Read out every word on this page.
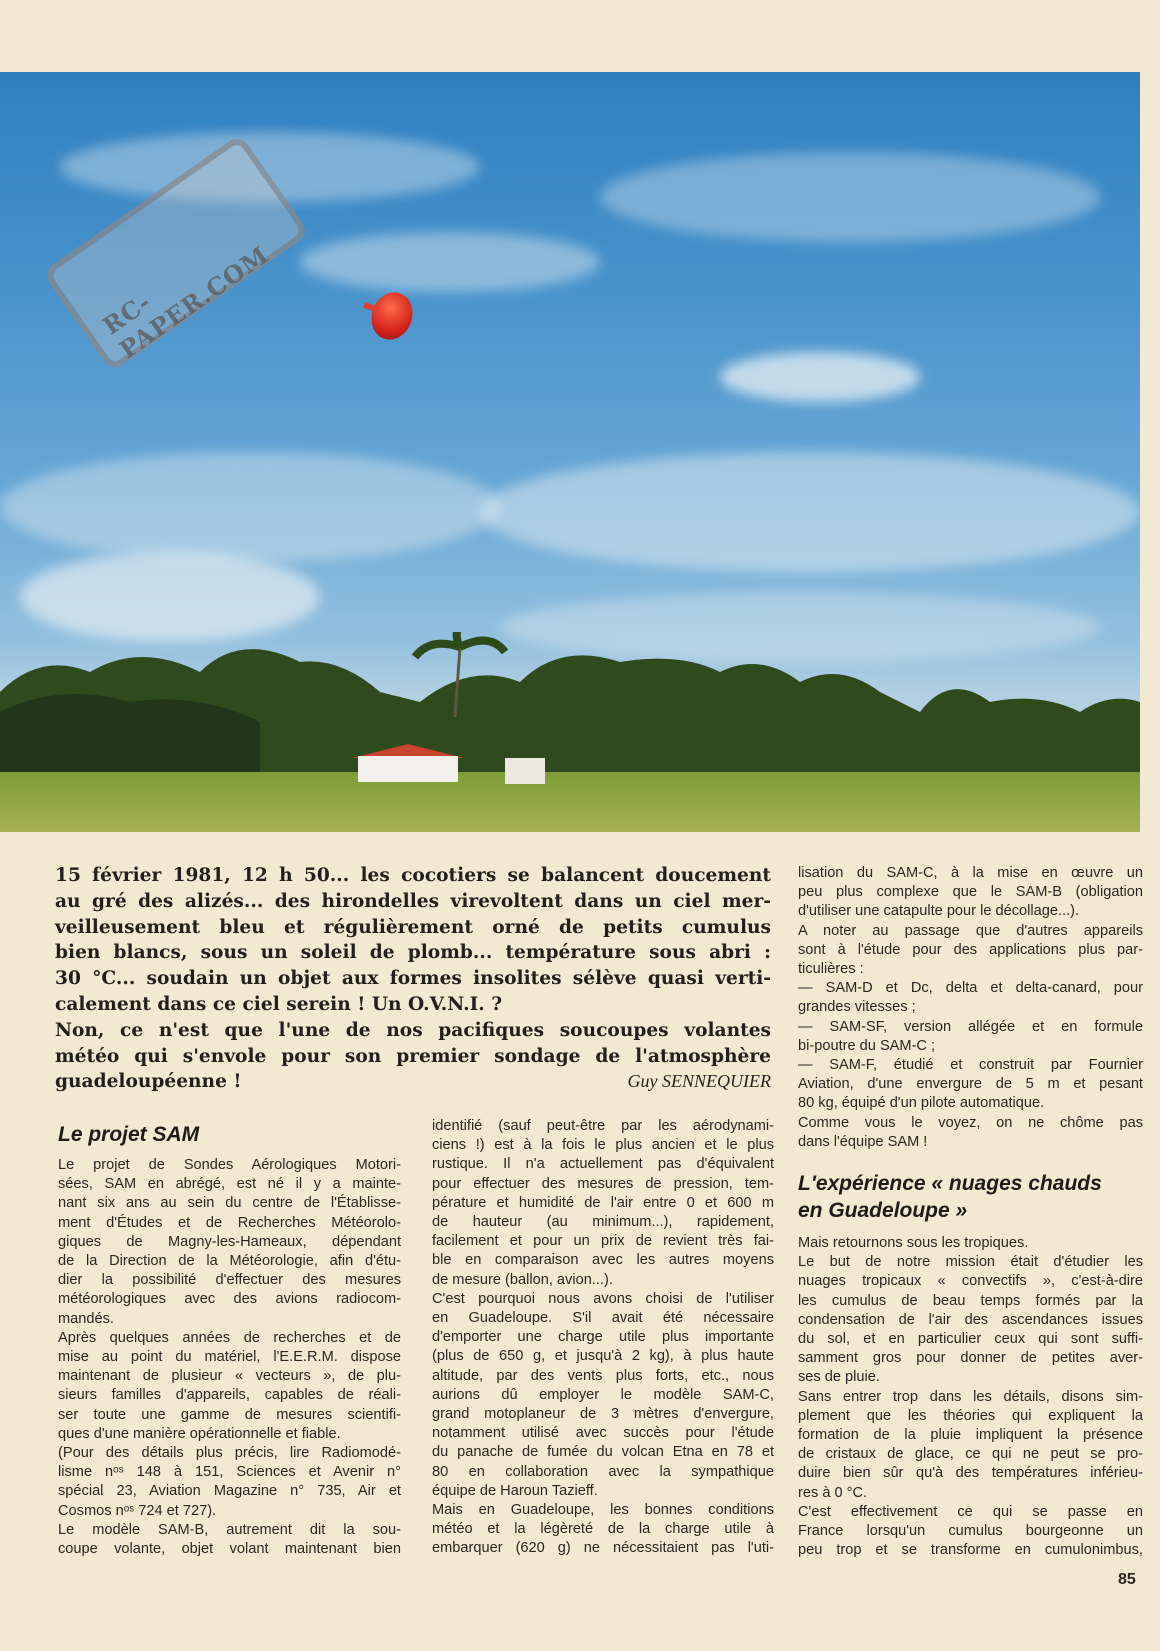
RC-PAPER.COM
15 février 1981, 12 h 50... les cocotiers se balancent doucement
au gré des alizés... des hirondelles virevoltent dans un ciel mer-
veilleusement bleu et régulièrement orné de petits cumulus
bien blancs, sous un soleil de plomb... température sous abri :
30 °C... soudain un objet aux formes insolites sélève quasi verti-
calement dans ce ciel serein ! Un O.V.N.I. ?
Non, ce n'est que l'une de nos pacifiques soucoupes volantes
météo qui s'envole pour son premier sondage de l'atmosphère
guadeloupéenne !	Guy SENNEQUIER
Le projet SAM
Le projet de Sondes Aérologiques Motori-
sées, SAM en abrégé, est né il y a mainte-
nant six ans au sein du centre de l'Établisse-
ment d'Études et de Recherches Météorolo-
giques de Magny-les-Hameaux, dépendant
de la Direction de la Météorologie, afin d'étu-
dier la possibilité d'effectuer des mesures
météorologiques avec des avions radiocom-
mandés.
Après quelques années de recherches et de
mise au point du matériel, l'E.E.R.M. dispose
maintenant de plusieur « vecteurs », de plu-
sieurs familles d'appareils, capables de réali-
ser toute une gamme de mesures scientifi-
ques d'une manière opérationnelle et fiable.
(Pour des détails plus précis, lire Radiomodé-
lisme nᵒˢ 148 à 151, Sciences et Avenir n°
spécial 23, Aviation Magazine n° 735, Air et
Cosmos nᵒˢ 724 et 727).
Le modèle SAM-B, autrement dit la sou-
coupe volante, objet volant maintenant bien
identifié (sauf peut-être par les aérodynami-
ciens !) est à la fois le plus ancien et le plus
rustique. Il n'a actuellement pas d'équivalent
pour effectuer des mesures de pression, tem-
pérature et humidité de l'air entre 0 et 600 m
de hauteur (au minimum...), rapidement,
facilement et pour un prix de revient très fai-
ble en comparaison avec les autres moyens
de mesure (ballon, avion...).
C'est pourquoi nous avons choisi de l'utiliser
en Guadeloupe. S'il avait été nécessaire
d'emporter une charge utile plus importante
(plus de 650 g, et jusqu'à 2 kg), à plus haute
altitude, par des vents plus forts, etc., nous
aurions dû employer le modèle SAM-C,
grand motoplaneur de 3 mètres d'envergure,
notamment utilisé avec succès pour l'étude
du panache de fumée du volcan Etna en 78 et
80 en collaboration avec la sympathique
équipe de Haroun Tazieff.
Mais en Guadeloupe, les bonnes conditions
météo et la légèreté de la charge utile à
embarquer (620 g) ne nécessitaient pas l'uti-
lisation du SAM-C, à la mise en œuvre un
peu plus complexe que le SAM-B (obligation
d'utiliser une catapulte pour le décollage...).
A noter au passage que d'autres appareils
sont à l'étude pour des applications plus par-
ticulières :
— SAM-D et Dc, delta et delta-canard, pour
grandes vitesses ;
— SAM-SF, version allégée et en formule
bi-poutre du SAM-C ;
— SAM-F, étudié et construit par Fournier
Aviation, d'une envergure de 5 m et pesant
80 kg, équipé d'un pilote automatique.
Comme vous le voyez, on ne chôme pas
dans l'équipe SAM !
L'expérience « nuages chauds
en Guadeloupe »
Mais retournons sous les tropiques.
Le but de notre mission était d'étudier les
nuages tropicaux « convectifs », c'est-à-dire
les cumulus de beau temps formés par la
condensation de l'air des ascendances issues
du sol, et en particulier ceux qui sont suffi-
samment gros pour donner de petites aver-
ses de pluie.
Sans entrer trop dans les détails, disons sim-
plement que les théories qui expliquent la
formation de la pluie impliquent la présence
de cristaux de glace, ce qui ne peut se pro-
duire bien sûr qu'à des températures inférieu-
res à 0 °C.
C'est effectivement ce qui se passe en
France lorsqu'un cumulus bourgeonne un
peu trop et se transforme en cumulonimbus,
85
